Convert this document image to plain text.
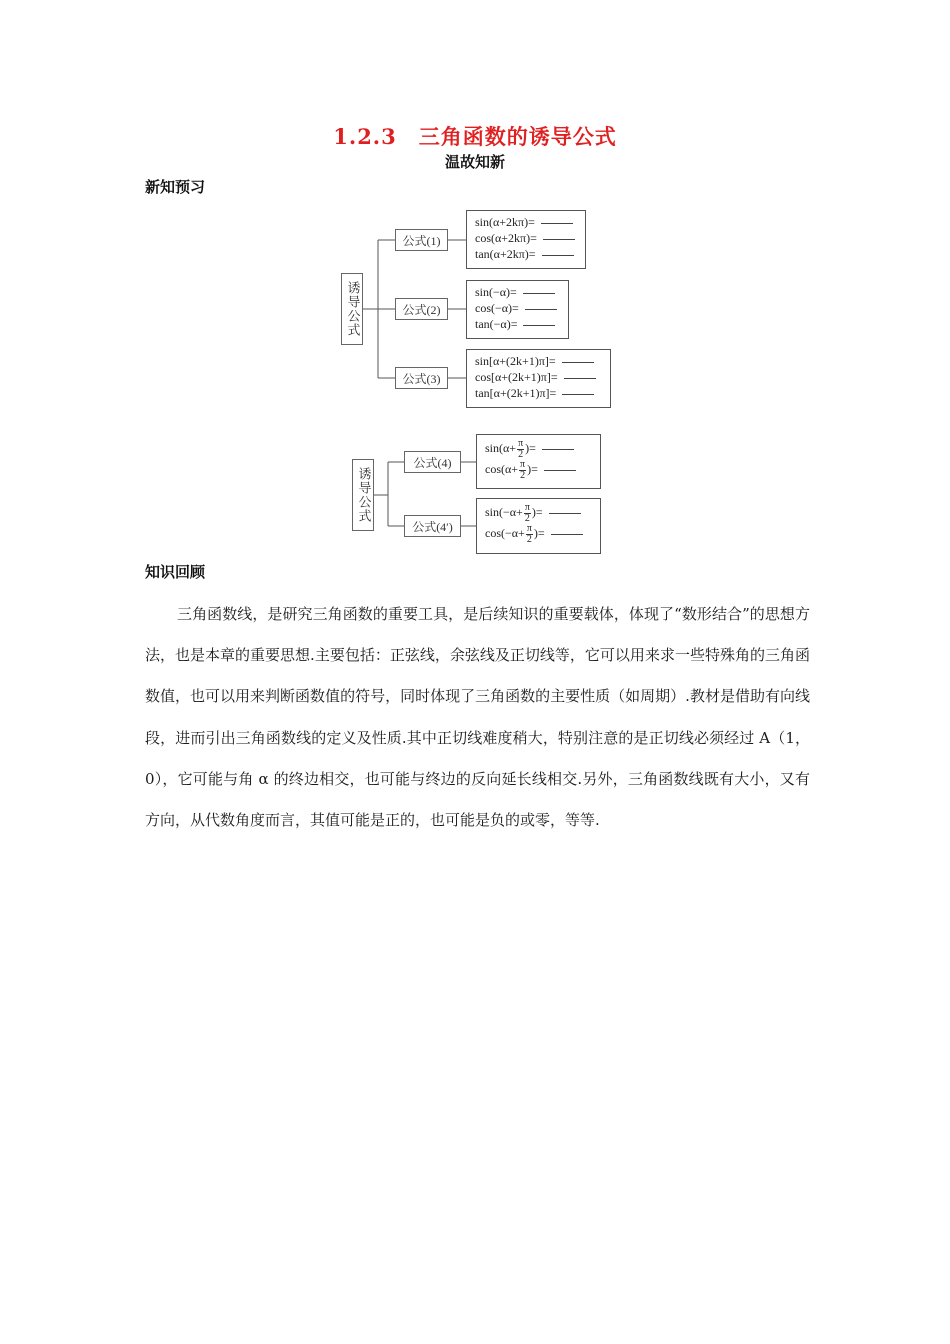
1.2.3　三角函数的诱导公式
温故知新
新知预习
诱导公式
公式(1)
公式(2)
公式(3)
sin(α+2kπ)=
cos(α+2kπ)=
tan(α+2kπ)=
sin(−α)=
cos(−α)=
tan(−α)=
sin[α+(2k+1)π]=
cos[α+(2k+1)π]=
tan[α+(2k+1)π]=
诱导公式
公式(4)
公式(4′)
$\sin(\alpha+ \frac{\pi}{2}$ )=
$\cos(\alpha+ \frac{\pi}{2}$ )=
$\sin(-\alpha+ \frac{\pi}{2}$ )=
$\cos(-\alpha+ \frac{\pi}{2}$ )=
知识回顾
三角函数线，是研究三角函数的重要工具，是后续知识的重要载体，体现了“数形结合”的思想方法，也是本章的重要思想.主要包括：正弦线，余弦线及正切线等，它可以用来求一些特殊角的三角函数值，也可以用来判断函数值的符号，同时体现了三角函数的主要性质（如周期）.教材是借助有向线段，进而引出三角函数线的定义及性质.其中正切线难度稍大，特别注意的是正切线必须经过 A（1，0），它可能与角 α 的终边相交，也可能与终边的反向延长线相交.另外，三角函数线既有大小，又有方向，从代数角度而言，其值可能是正的，也可能是负的或零，等等.
